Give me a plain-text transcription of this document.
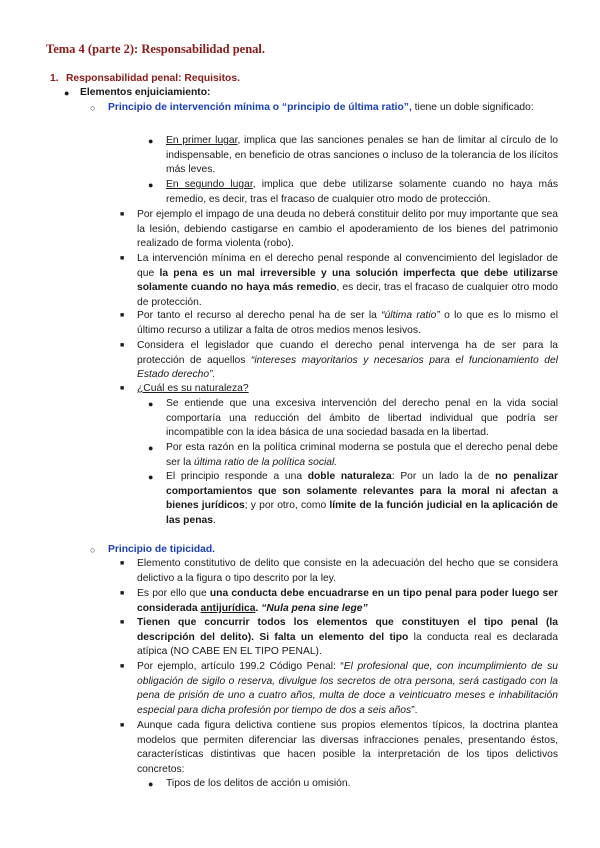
Tema 4 (parte 2): Responsabilidad penal.
1. Responsabilidad penal: Requisitos.
● Elementos enjuiciamiento:
○ Principio de intervención mínima o “principio de última ratio”, tiene un doble significado:
● En primer lugar, implica que las sanciones penales se han de limitar al círculo de lo indispensable, en beneficio de otras sanciones o incluso de la tolerancia de los ilícitos más leves.
● En segundo lugar, implica que debe utilizarse solamente cuando no haya más remedio, es decir, tras el fracaso de cualquier otro modo de protección.
■ Por ejemplo el impago de una deuda no deberá constituir delito por muy importante que sea la lesión, debiendo castigarse en cambio el apoderamiento de los bienes del patrimonio realizado de forma violenta (robo).
■ La intervención mínima en el derecho penal responde al convencimiento del legislador de que la pena es un mal irreversible y una solución imperfecta que debe utilizarse solamente cuando no haya más remedio, es decir, tras el fracaso de cualquier otro modo de protección.
■ Por tanto el recurso al derecho penal ha de ser la “última ratio” o lo que es lo mismo el último recurso a utilizar a falta de otros medios menos lesivos.
■ Considera el legislador que cuando el derecho penal intervenga ha de ser para la protección de aquellos “intereses mayoritarios y necesarios para el funcionamiento del Estado derecho”.
■ ¿Cuál es su naturaleza?
● Se entiende que una excesiva intervención del derecho penal en la vida social comportaría una reducción del ámbito de libertad individual que podría ser incompatible con la idea básica de una sociedad basada en la libertad.
● Por esta razón en la política criminal moderna se postula que el derecho penal debe ser la última ratio de la política social.
● El principio responde a una doble naturaleza: Por un lado la de no penalizar comportamientos que son solamente relevantes para la moral ni afectan a bienes jurídicos; y por otro, como límite de la función judicial en la aplicación de las penas.
○ Principio de tipicidad.
■ Elemento constitutivo de delito que consiste en la adecuación del hecho que se considera delictivo a la figura o tipo descrito por la ley.
■ Es por ello que una conducta debe encuadrarse en un tipo penal para poder luego ser considerada antijurídica. “Nula pena sine lege”
■ Tienen que concurrir todos los elementos que constituyen el tipo penal (la descripción del delito). Si falta un elemento del tipo la conducta real es declarada atípica (NO CABE EN EL TIPO PENAL).
■ Por ejemplo, artículo 199.2 Código Penal: “El profesional que, con incumplimiento de su obligación de sigilo o reserva, divulgue los secretos de otra persona, será castigado con la pena de prisión de uno a cuatro años, multa de doce a veinticuatro meses e inhabilitación especial para dicha profesión por tiempo de dos a seis años”.
■ Aunque cada figura delictiva contiene sus propios elementos típicos, la doctrina plantea modelos que permiten diferenciar las diversas infracciones penales, presentando éstos, características distintivas que hacen posible la interpretación de los tipos delictivos concretos:
● Tipos de los delitos de acción u omisión.
